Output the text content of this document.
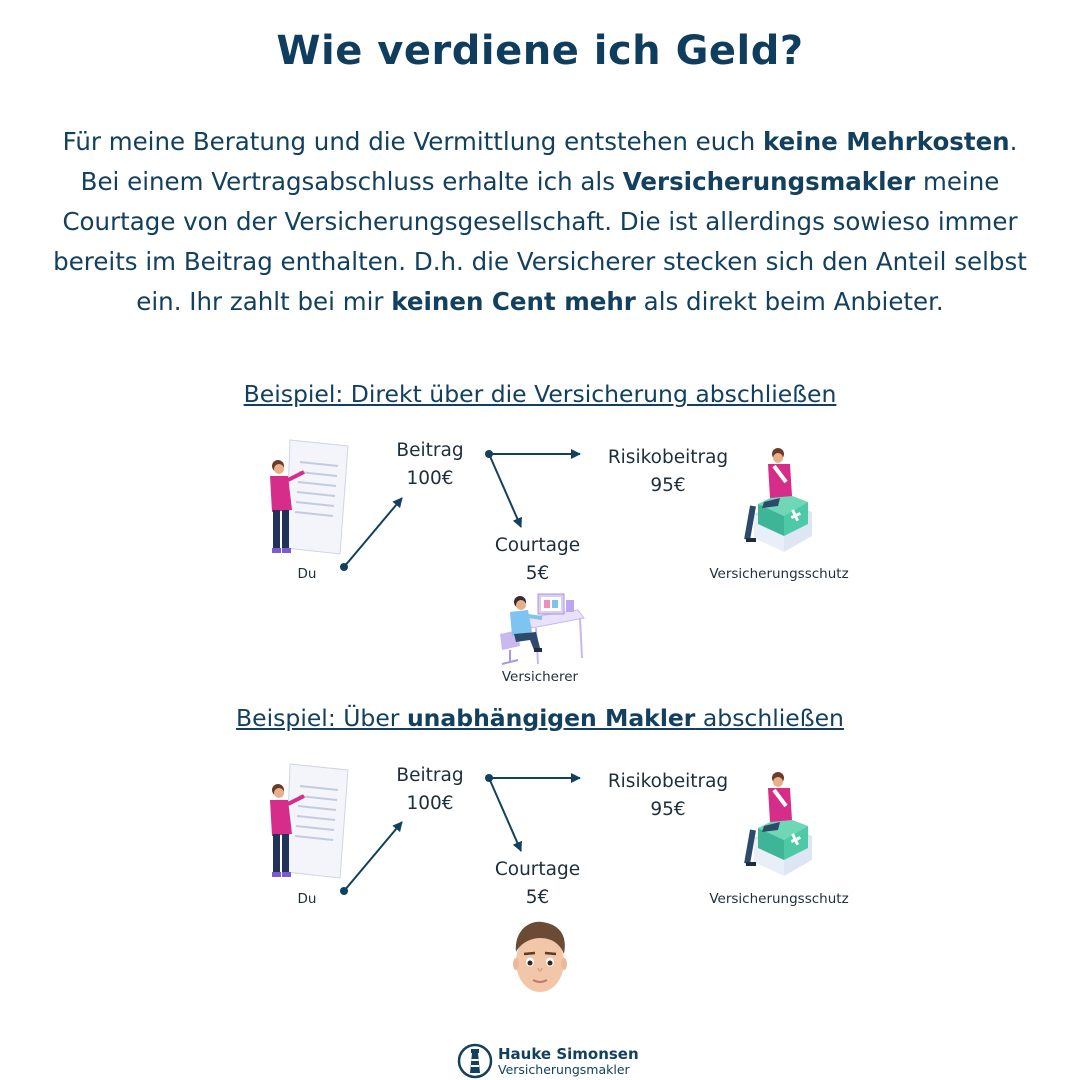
Wie verdiene ich Geld?
Für meine Beratung und die Vermittlung entstehen euch keine Mehrkosten.
Bei einem Vertragsabschluss erhalte ich als Versicherungsmakler meine
Courtage von der Versicherungsgesellschaft. Die ist allerdings sowieso immer
bereits im Beitrag enthalten. D.h. die Versicherer stecken sich den Anteil selbst
ein. Ihr zahlt bei mir keinen Cent mehr als direkt beim Anbieter.
Beispiel: Direkt über die Versicherung abschließen
Beitrag
100€
Risikobeitrag
95€
Courtage
5€
Du	Versicherungsschutz
Versicherer
Beispiel: Über unabhängigen Makler abschließen
Beitrag
100€
Risikobeitrag
95€
Courtage
5€
Du	Versicherungsschutz
Hauke Simonsen
Versicherungsmakler
